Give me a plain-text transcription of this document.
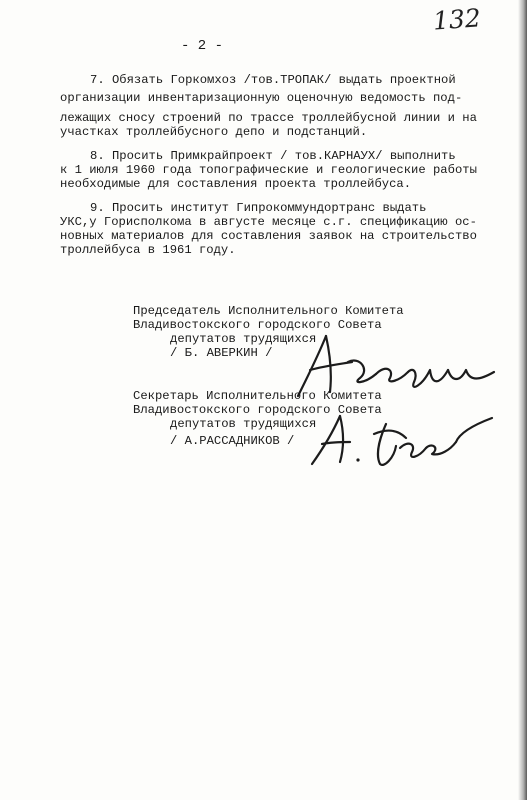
132
- 2 -
7. Обязать Горкомхоз /тов.ТРОПАК/ выдать проектной
организации инвентаризационную оценочную ведомость под-
лежащих сносу строений по трассе троллейбусной линии и на
участках троллейбусного депо и подстанций.
8. Просить Примкрайпроект / тов.КАРНАУХ/ выполнить
к 1 июля 1960 года топографические и геологические работы
необходимые для составления проекта троллейбуса.
9. Просить институт Гипрокоммундортранс выдать
УКС,у Горисполкома в августе месяце с.г. спецификацию ос-
новных материалов для составления заявок на строительство
троллейбуса в 1961 году.
Председатель Исполнительного Комитета
Владивостокского городского Совета
депутатов трудящихся
/ Б. АВЕРКИН /
Секретарь Исполнительного Комитета
Владивостокского городского Совета
депутатов трудящихся
/ А.РАССАДНИКОВ /
